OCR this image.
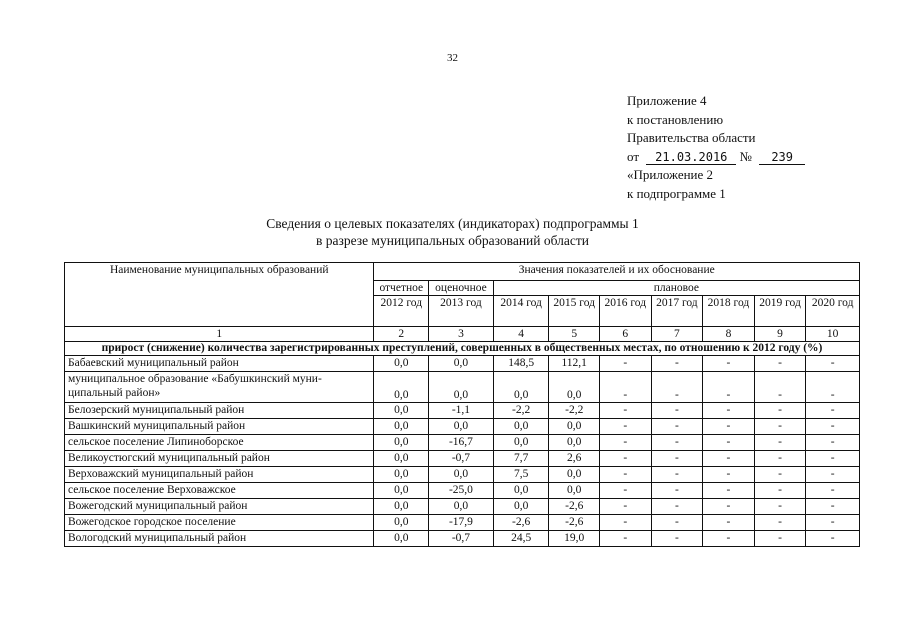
32
Приложение 4
к постановлению
Правительства области
от 21.03.2016 № 239
«Приложение 2
к подпрограмме 1
Сведения о целевых показателях (индикаторах) подпрограммы 1
в разрезе муниципальных образований области
Наименование муниципальных образований	Значения показателей и их обоснование								
	отчетное	оценочное	плановое						
	2012 год	2013 год	2014 год	2015 год	2016 год	2017 год	2018 год	2019 год	2020 год
1	2	3	4	5	6	7	8	9	10
прирост (снижение) количества зарегистрированных преступлений, совершенных в общественных местах, по отношению к 2012 году (%)									
Бабаевский муниципальный район	0,0	0,0	148,5	112,1	-	-	-	-	-
муниципальное образование «Бабушкинский муни-ципальный район»	0,0	0,0	0,0	0,0	-	-	-	-	-
Белозерский муниципальный район	0,0	-1,1	-2,2	-2,2	-	-	-	-	-
Вашкинский муниципальный район	0,0	0,0	0,0	0,0	-	-	-	-	-
сельское поселение Липиноборское	0,0	-16,7	0,0	0,0	-	-	-	-	-
Великоустюгский муниципальный район	0,0	-0,7	7,7	2,6	-	-	-	-	-
Верховажский муниципальный район	0,0	0,0	7,5	0,0	-	-	-	-	-
сельское поселение Верховажское	0,0	-25,0	0,0	0,0	-	-	-	-	-
Вожегодский муниципальный район	0,0	0,0	0,0	-2,6	-	-	-	-	-
Вожегодское городское поселение	0,0	-17,9	-2,6	-2,6	-	-	-	-	-
Вологодский муниципальный район	0,0	-0,7	24,5	19,0	-	-	-	-	-
